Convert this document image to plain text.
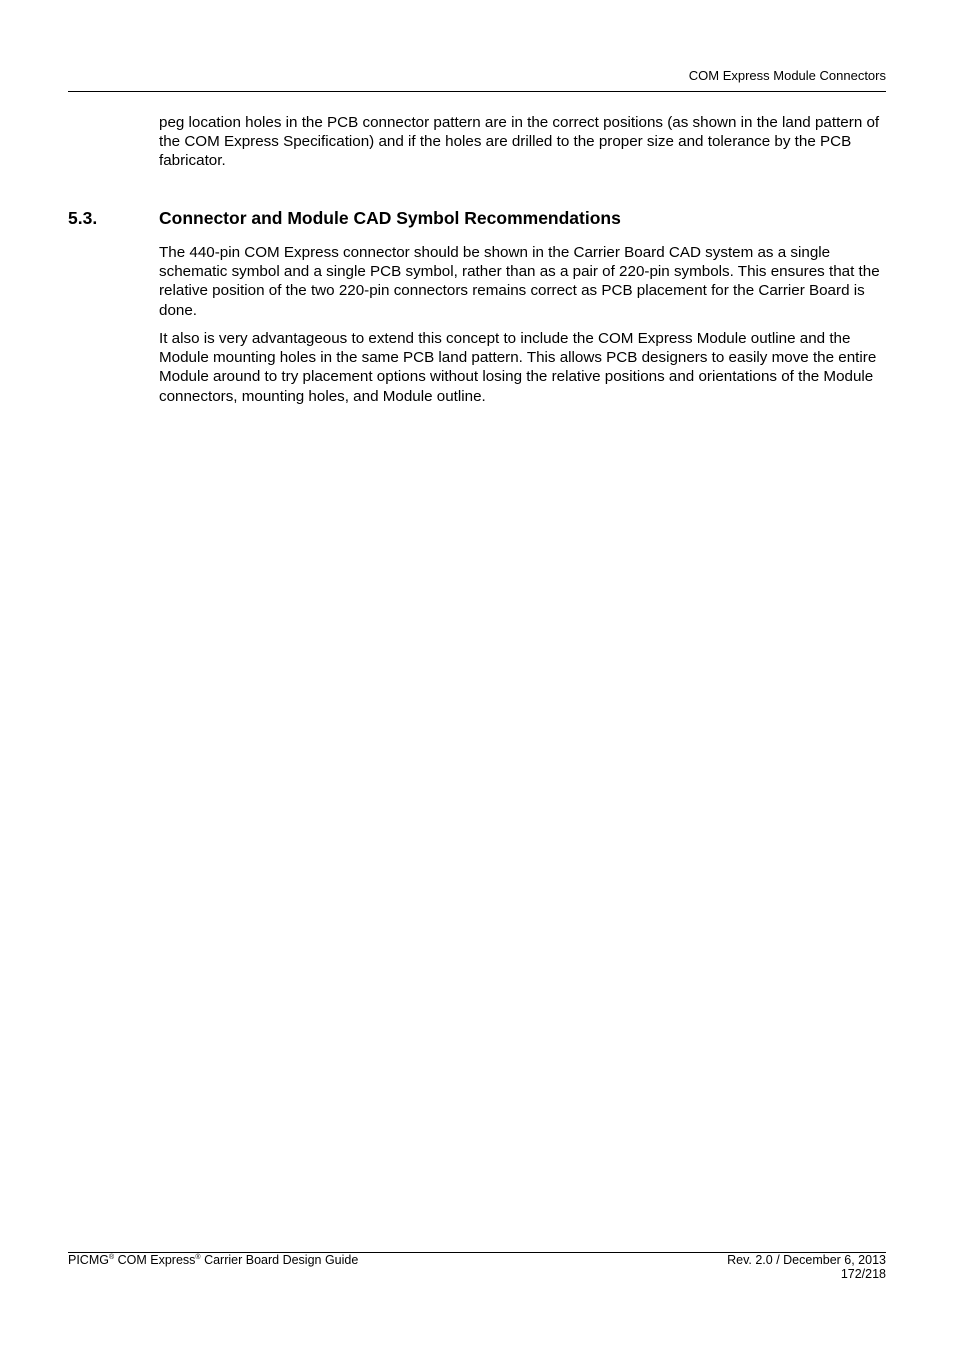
COM Express Module Connectors

peg location holes in the PCB connector pattern are in the correct positions (as shown in the land pattern of the COM Express Specification) and if the holes are drilled to the proper size and tolerance by the PCB fabricator.

5.3.	Connector and Module CAD Symbol Recommendations

The 440-pin COM Express connector should be shown in the Carrier Board CAD system as a single schematic symbol and a single PCB symbol, rather than as a pair of 220-pin symbols. This ensures that the relative position of the two 220-pin connectors remains correct as PCB placement for the Carrier Board is done.

It also is very advantageous to extend this concept to include the COM Express Module outline and the Module mounting holes in the same PCB land pattern. This allows PCB designers to easily move the entire Module around to try placement options without losing the relative positions and orientations of the Module connectors, mounting holes, and Module outline.

PICMG® COM Express® Carrier Board Design Guide	Rev. 2.0 / December 6, 2013
172/218
